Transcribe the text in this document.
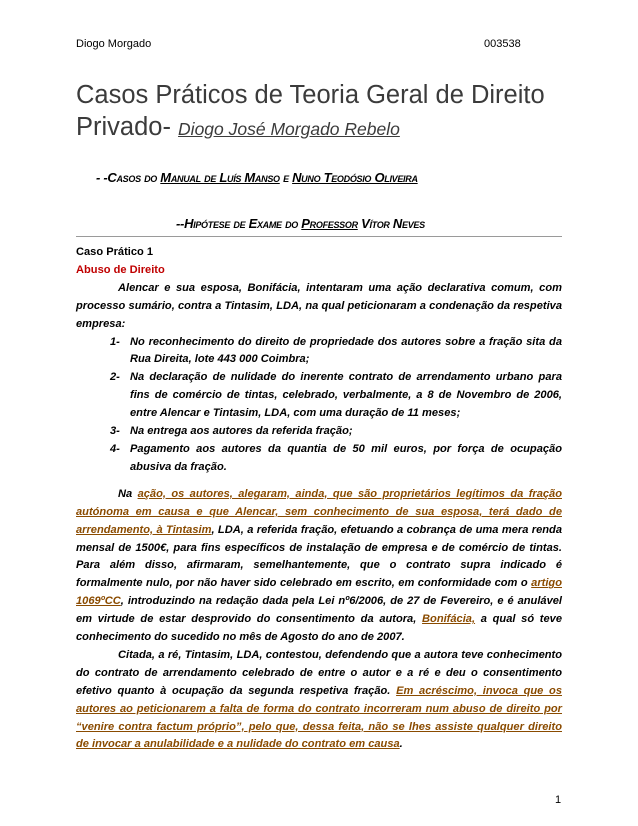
Diogo Morgado	003538
Casos Práticos de Teoria Geral de Direito Privado- Diogo José Morgado Rebelo
- -Casos do Manual de Luís Manso e Nuno Teodósio Oliveira
--Hipótese de Exame do Professor Vítor Neves

Caso Prático 1

Abuso de Direito

Alencar e sua esposa, Bonifácia, intentaram uma ação declarativa comum, com processo sumário, contra a Tintasim, LDA, na qual peticionaram a condenação da respetiva empresa:

1- No reconhecimento do direito de propriedade dos autores sobre a fração sita da Rua Direita, lote 443 000 Coimbra;
2- Na declaração de nulidade do inerente contrato de arrendamento urbano para fins de comércio de tintas, celebrado, verbalmente, a 8 de Novembro de 2006, entre Alencar e Tintasim, LDA, com uma duração de 11 meses;
3- Na entrega aos autores da referida fração;
4- Pagamento aos autores da quantia de 50 mil euros, por força de ocupação abusiva da fração.

Na ação, os autores, alegaram, ainda, que são proprietários legítimos da fração autónoma em causa e que Alencar, sem conhecimento de sua esposa, terá dado de arrendamento, à Tintasim, LDA, a referida fração, efetuando a cobrança de uma mera renda mensal de 1500€, para fins específicos de instalação de empresa e de comércio de tintas. Para além disso, afirmaram, semelhantemente, que o contrato supra indicado é formalmente nulo, por não haver sido celebrado em escrito, em conformidade com o artigo 1069ºCC, introduzindo na redação dada pela Lei nº6/2006, de 27 de Fevereiro, e é anulável em virtude de estar desprovido do consentimento da autora, Bonifácia, a qual só teve conhecimento do sucedido no mês de Agosto do ano de 2007.

Citada, a ré, Tintasim, LDA, contestou, defendendo que a autora teve conhecimento do contrato de arrendamento celebrado de entre o autor e a ré e deu o consentimento efetivo quanto à ocupação da segunda respetiva fração. Em acréscimo, invoca que os autores ao peticionarem a falta de forma do contrato incorreram num abuso de direito por “venire contra factum próprio”, pelo que, dessa feita, não se lhes assiste qualquer direito de invocar a anulabilidade e a nulidade do contrato em causa.

1
